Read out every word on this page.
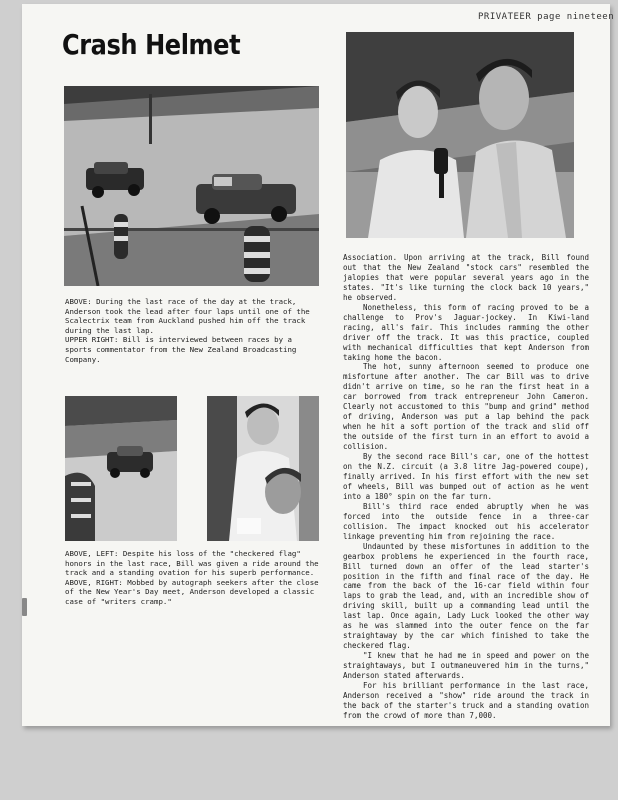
PRIVATEER page nineteen
Crash Helmet

ABOVE: During the last race of the day at the track, Anderson took the lead after four laps until one of the Scalectrix team from Auckland pushed him off the track during the last lap.

UPPER RIGHT: Bill is interviewed between races by a sports commentator from the New Zealand Broadcasting Company.

ABOVE, LEFT: Despite his loss of the "checkered flag" honors in the last race, Bill was given a ride around the track and a standing ovation for his superb performance.

ABOVE, RIGHT: Mobbed by autograph seekers after the close of the New Year's Day meet, Anderson developed a classic case of "writers cramp."

Association. Upon arriving at the track, Bill found out that the New Zealand "stock cars" resembled the jalopies that were popular several years ago in the states. "It's like turning the clock back 10 years," he observed.

Nonetheless, this form of racing proved to be a challenge to Prov's Jaguar-jockey. In Kiwi-land racing, all's fair. This includes ramming the other driver off the track. It was this practice, coupled with mechanical difficulties that kept Anderson from taking home the bacon.

The hot, sunny afternoon seemed to produce one misfortune after another. The car Bill was to drive didn't arrive on time, so he ran the first heat in a car borrowed from track entrepreneur John Cameron. Clearly not accustomed to this "bump and grind" method of driving, Anderson was put a lap behind the pack when he hit a soft portion of the track and slid off the outside of the first turn in an effort to avoid a collision.

By the second race Bill's car, one of the hottest on the N.Z. circuit (a 3.8 litre Jag-powered coupe), finally arrived. In his first effort with the new set of wheels, Bill was bumped out of action as he went into a 180° spin on the far turn.

Bill's third race ended abruptly when he was forced into the outside fence in a three-car collision. The impact knocked out his accelerator linkage preventing him from rejoining the race.

Undaunted by these misfortunes in addition to the gearbox problems he experienced in the fourth race, Bill turned down an offer of the lead starter's position in the fifth and final race of the day. He came from the back of the 16-car field within four laps to grab the lead, and, with an incredible show of driving skill, built up a commanding lead until the last lap. Once again, Lady Luck looked the other way as he was slammed into the outer fence on the far straightaway by the car which finished to take the checkered flag.

"I knew that he had me in speed and power on the straightaways, but I outmaneuvered him in the turns," Anderson stated afterwards.

For his brilliant performance in the last race, Anderson received a "show" ride around the track in the back of the starter's truck and a standing ovation from the crowd of more than 7,000.
